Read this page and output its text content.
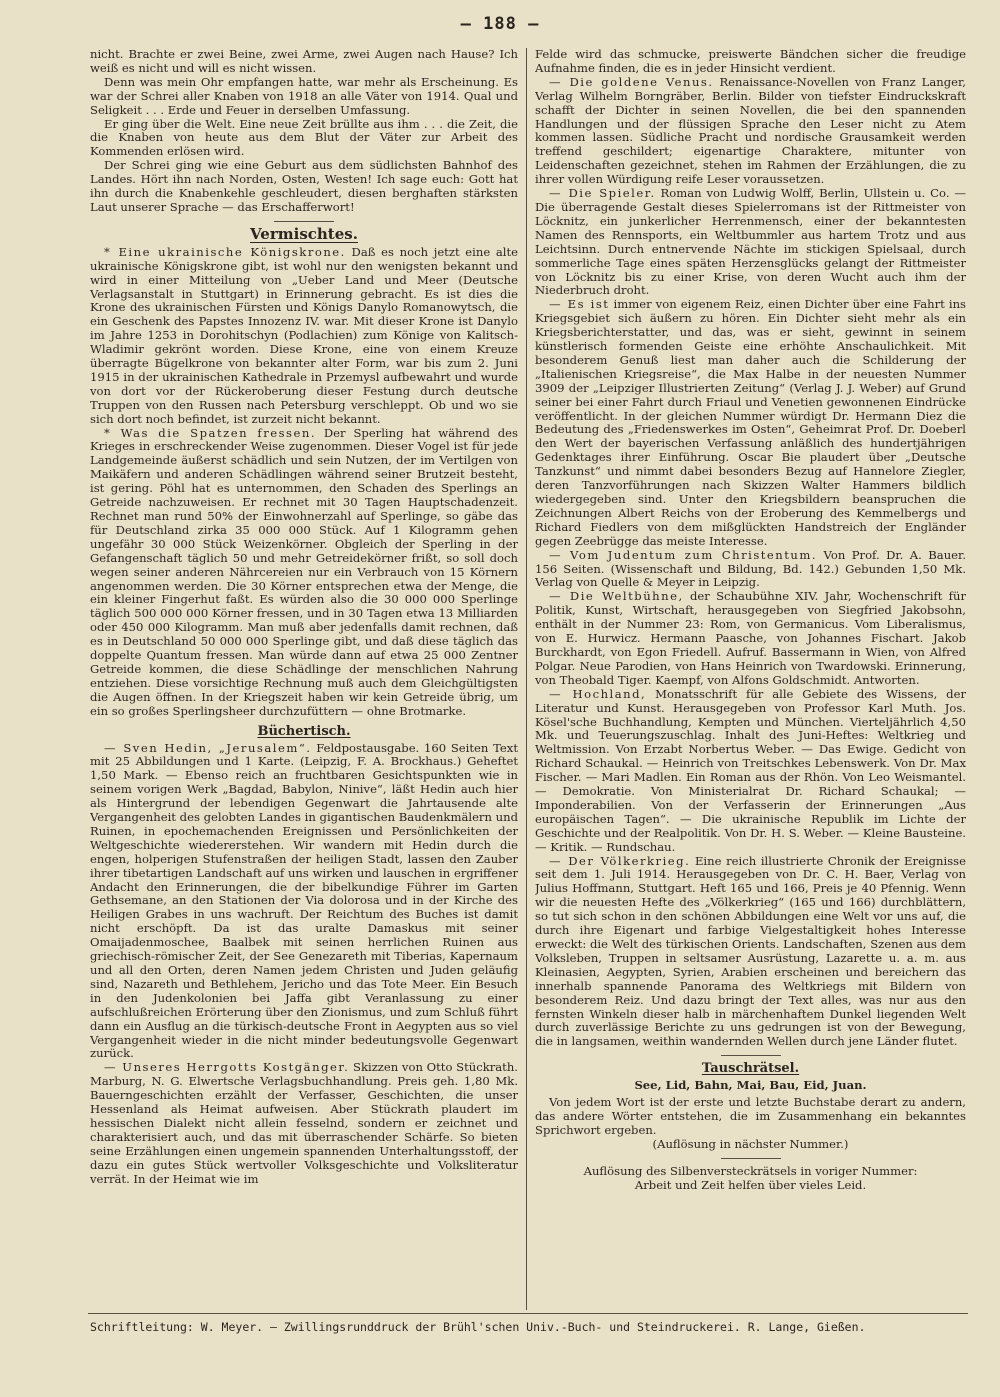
— 188 —

nicht. Brachte er zwei Beine, zwei Arme, zwei Augen nach Hause? Ich weiß es nicht und will es nicht wissen.

Denn was mein Ohr empfangen hatte, war mehr als Erscheinung. Es war der Schrei aller Knaben von 1918 an alle Väter von 1914. Qual und Seligkeit . . . Erde und Feuer in derselben Umfassung.

Er ging über die Welt. Eine neue Zeit brüllte aus ihm . . . die Zeit, die die Knaben von heute aus dem Blut der Väter zur Arbeit des Kommenden erlösen wird.

Der Schrei ging wie eine Geburt aus dem südlichsten Bahnhof des Landes. Hört ihn nach Norden, Osten, Westen! Ich sage euch: Gott hat ihn durch die Knabenkehle geschleudert, diesen berghaften stärksten Laut unserer Sprache — das Erschafferwort!

Vermischtes.

* Eine ukrainische Königskrone. Daß es noch jetzt eine alte ukrainische Königskrone gibt, ist wohl nur den wenigsten bekannt und wird in einer Mitteilung von „Ueber Land und Meer (Deutsche Verlagsanstalt in Stuttgart) in Erinnerung gebracht. Es ist dies die Krone des ukrainischen Fürsten und Königs Danylo Romanowytsch, die ein Geschenk des Papstes Innozenz IV. war. Mit dieser Krone ist Danylo im Jahre 1253 in Dorohitschyn (Podlachien) zum Könige von Kalitsch-Wladimir gekrönt worden. Diese Krone, eine von einem Kreuze überragte Bügelkrone von bekannter alter Form, war bis zum 2. Juni 1915 in der ukrainischen Kathedrale in Przemysl aufbewahrt und wurde von dort vor der Rückeroberung dieser Festung durch deutsche Truppen von den Russen nach Petersburg verschleppt. Ob und wo sie sich dort noch befindet, ist zurzeit nicht bekannt.

* Was die Spatzen fressen. Der Sperling hat während des Krieges in erschreckender Weise zugenommen. Dieser Vogel ist für jede Landgemeinde äußerst schädlich und sein Nutzen, der im Vertilgen von Maikäfern und anderen Schädlingen während seiner Brutzeit besteht, ist gering. Pöhl hat es unternommen, den Schaden des Sperlings an Getreide nachzuweisen. Er rechnet mit 30 Tagen Hauptschadenzeit. Rechnet man rund 50% der Einwohnerzahl auf Sperlinge, so gäbe das für Deutschland zirka 35 000 000 Stück. Auf 1 Kilogramm gehen ungefähr 30 000 Stück Weizenkörner. Obgleich der Sperling in der Gefangenschaft täglich 50 und mehr Getreidekörner frißt, so soll doch wegen seiner anderen Nährcereien nur ein Verbrauch von 15 Körnern angenommen werden. Die 30 Körner entsprechen etwa der Menge, die ein kleiner Fingerhut faßt. Es würden also die 30 000 000 Sperlinge täglich 500 000 000 Körner fressen, und in 30 Tagen etwa 13 Milliarden oder 450 000 Kilogramm. Man muß aber jedenfalls damit rechnen, daß es in Deutschland 50 000 000 Sperlinge gibt, und daß diese täglich das doppelte Quantum fressen. Man würde dann auf etwa 25 000 Zentner Getreide kommen, die diese Schädlinge der menschlichen Nahrung entziehen. Diese vorsichtige Rechnung muß auch dem Gleichgültigsten die Augen öffnen. In der Kriegszeit haben wir kein Getreide übrig, um ein so großes Sperlingsheer durchzufüttern — ohne Brotmarke.

Büchertisch.

— Sven Hedin, „Jerusalem“. Feldpostausgabe. 160 Seiten Text mit 25 Abbildungen und 1 Karte. (Leipzig, F. A. Brockhaus.) Geheftet 1,50 Mark. — Ebenso reich an fruchtbaren Gesichtspunkten wie in seinem vorigen Werk „Bagdad, Babylon, Ninive“, läßt Hedin auch hier als Hintergrund der lebendigen Gegenwart die Jahrtausende alte Vergangenheit des gelobten Landes in gigantischen Baudenkmälern und Ruinen, in epochemachenden Ereignissen und Persönlichkeiten der Weltgeschichte wiedererstehen. Wir wandern mit Hedin durch die engen, holperigen Stufenstraßen der heiligen Stadt, lassen den Zauber ihrer tibetartigen Landschaft auf uns wirken und lauschen in ergriffener Andacht den Erinnerungen, die der bibelkundige Führer im Garten Gethsemane, an den Stationen der Via dolorosa und in der Kirche des Heiligen Grabes in uns wachruft. Der Reichtum des Buches ist damit nicht erschöpft. Da ist das uralte Damaskus mit seiner Omaijadenmoschee, Baalbek mit seinen herrlichen Ruinen aus griechisch-römischer Zeit, der See Genezareth mit Tiberias, Kapernaum und all den Orten, deren Namen jedem Christen und Juden geläufig sind, Nazareth und Bethlehem, Jericho und das Tote Meer. Ein Besuch in den Judenkolonien bei Jaffa gibt Veranlassung zu einer aufschlußreichen Erörterung über den Zionismus, und zum Schluß führt dann ein Ausflug an die türkisch-deutsche Front in Aegypten aus so viel Vergangenheit wieder in die nicht minder bedeutungsvolle Gegenwart zurück.

— Unseres Herrgotts Kostgänger. Skizzen von Otto Stückrath. Marburg, N. G. Elwertsche Verlagsbuchhandlung. Preis geh. 1,80 Mk. Bauerngeschichten erzählt der Verfasser, Geschichten, die unser Hessenland als Heimat aufweisen. Aber Stückrath plaudert im hessischen Dialekt nicht allein fesselnd, sondern er zeichnet und charakterisiert auch, und das mit überraschender Schärfe. So bieten seine Erzählungen einen ungemein spannenden Unterhaltungsstoff, der dazu ein gutes Stück wertvoller Volksgeschichte und Volksliteratur verrät. In der Heimat wie im

Felde wird das schmucke, preiswerte Bändchen sicher die freudige Aufnahme finden, die es in jeder Hinsicht verdient.

— Die goldene Venus. Renaissance-Novellen von Franz Langer, Verlag Wilhelm Borngräber, Berlin. Bilder von tiefster Eindruckskraft schafft der Dichter in seinen Novellen, die bei den spannenden Handlungen und der flüssigen Sprache den Leser nicht zu Atem kommen lassen. Südliche Pracht und nordische Grausamkeit werden treffend geschildert; eigenartige Charaktere, mitunter von Leidenschaften gezeichnet, stehen im Rahmen der Erzählungen, die zu ihrer vollen Würdigung reife Leser voraussetzen.

— Die Spieler. Roman von Ludwig Wolff, Berlin, Ullstein u. Co. — Die überragende Gestalt dieses Spielerromans ist der Rittmeister von Löcknitz, ein junkerlicher Herrenmensch, einer der bekanntesten Namen des Rennsports, ein Weltbummler aus hartem Trotz und aus Leichtsinn. Durch entnervende Nächte im stickigen Spielsaal, durch sommerliche Tage eines späten Herzensglücks gelangt der Rittmeister von Löcknitz bis zu einer Krise, von deren Wucht auch ihm der Niederbruch droht.

— Es ist immer von eigenem Reiz, einen Dichter über eine Fahrt ins Kriegsgebiet sich äußern zu hören. Ein Dichter sieht mehr als ein Kriegsberichterstatter, und das, was er sieht, gewinnt in seinem künstlerisch formenden Geiste eine erhöhte Anschaulichkeit. Mit besonderem Genuß liest man daher auch die Schilderung der „Italienischen Kriegsreise“, die Max Halbe in der neuesten Nummer 3909 der „Leipziger Illustrierten Zeitung“ (Verlag J. J. Weber) auf Grund seiner bei einer Fahrt durch Friaul und Venetien gewonnenen Eindrücke veröffentlicht. In der gleichen Nummer würdigt Dr. Hermann Diez die Bedeutung des „Friedenswerkes im Osten“, Geheimrat Prof. Dr. Doeberl den Wert der bayerischen Verfassung anläßlich des hundertjährigen Gedenktages ihrer Einführung. Oscar Bie plaudert über „Deutsche Tanzkunst“ und nimmt dabei besonders Bezug auf Hannelore Ziegler, deren Tanzvorführungen nach Skizzen Walter Hammers bildlich wiedergegeben sind. Unter den Kriegsbildern beanspruchen die Zeichnungen Albert Reichs von der Eroberung des Kemmelbergs und Richard Fiedlers von dem mißglückten Handstreich der Engländer gegen Zeebrügge das meiste Interesse.

— Vom Judentum zum Christentum. Von Prof. Dr. A. Bauer. 156 Seiten. (Wissenschaft und Bildung, Bd. 142.) Gebunden 1,50 Mk. Verlag von Quelle & Meyer in Leipzig.

— Die Weltbühne, der Schaubühne XIV. Jahr, Wochenschrift für Politik, Kunst, Wirtschaft, herausgegeben von Siegfried Jakobsohn, enthält in der Nummer 23: Rom, von Germanicus. Vom Liberalismus, von E. Hurwicz. Hermann Paasche, von Johannes Fischart. Jakob Burckhardt, von Egon Friedell. Aufruf. Bassermann in Wien, von Alfred Polgar. Neue Parodien, von Hans Heinrich von Twardowski. Erinnerung, von Theobald Tiger. Kaempf, von Alfons Goldschmidt. Antworten.

— Hochland, Monatsschrift für alle Gebiete des Wissens, der Literatur und Kunst. Herausgegeben von Professor Karl Muth. Jos. Kösel'sche Buchhandlung, Kempten und München. Vierteljährlich 4,50 Mk. und Teuerungszuschlag. Inhalt des Juni-Heftes: Weltkrieg und Weltmission. Von Erzabt Norbertus Weber. — Das Ewige. Gedicht von Richard Schaukal. — Heinrich von Treitschkes Lebenswerk. Von Dr. Max Fischer. — Mari Madlen. Ein Roman aus der Rhön. Von Leo Weismantel. — Demokratie. Von Ministerialrat Dr. Richard Schaukal; — Imponderabilien. Von der Verfasserin der Erinnerungen „Aus europäischen Tagen“. — Die ukrainische Republik im Lichte der Geschichte und der Realpolitik. Von Dr. H. S. Weber. — Kleine Bausteine. — Kritik. — Rundschau.

— Der Völkerkrieg. Eine reich illustrierte Chronik der Ereignisse seit dem 1. Juli 1914. Herausgegeben von Dr. C. H. Baer, Verlag von Julius Hoffmann, Stuttgart. Heft 165 und 166, Preis je 40 Pfennig. Wenn wir die neuesten Hefte des „Völkerkrieg“ (165 und 166) durchblättern, so tut sich schon in den schönen Abbildungen eine Welt vor uns auf, die durch ihre Eigenart und farbige Vielgestaltigkeit hohes Interesse erweckt: die Welt des türkischen Orients. Landschaften, Szenen aus dem Volksleben, Truppen in seltsamer Ausrüstung, Lazarette u. a. m. aus Kleinasien, Aegypten, Syrien, Arabien erscheinen und bereichern das innerhalb spannende Panorama des Weltkriegs mit Bildern von besonderem Reiz. Und dazu bringt der Text alles, was nur aus den fernsten Winkeln dieser halb in märchenhaftem Dunkel liegenden Welt durch zuverlässige Berichte zu uns gedrungen ist von der Bewegung, die in langsamen, weithin wandernden Wellen durch jene Länder flutet.

Tauschrätsel.
See, Lid, Bahn, Mai, Bau, Eid, Juan.

Von jedem Wort ist der erste und letzte Buchstabe derart zu andern, das andere Wörter entstehen, die im Zusammenhang ein bekanntes Sprichwort ergeben.

(Auflösung in nächster Nummer.)

Auflösung des Silbenversteckrätsels in voriger Nummer:

Arbeit und Zeit helfen über vieles Leid.

Schriftleitung: W. Meyer. — Zwillingsrunddruck der Brühl'schen Univ.-Buch- und Steindruckerei. R. Lange, Gießen.
